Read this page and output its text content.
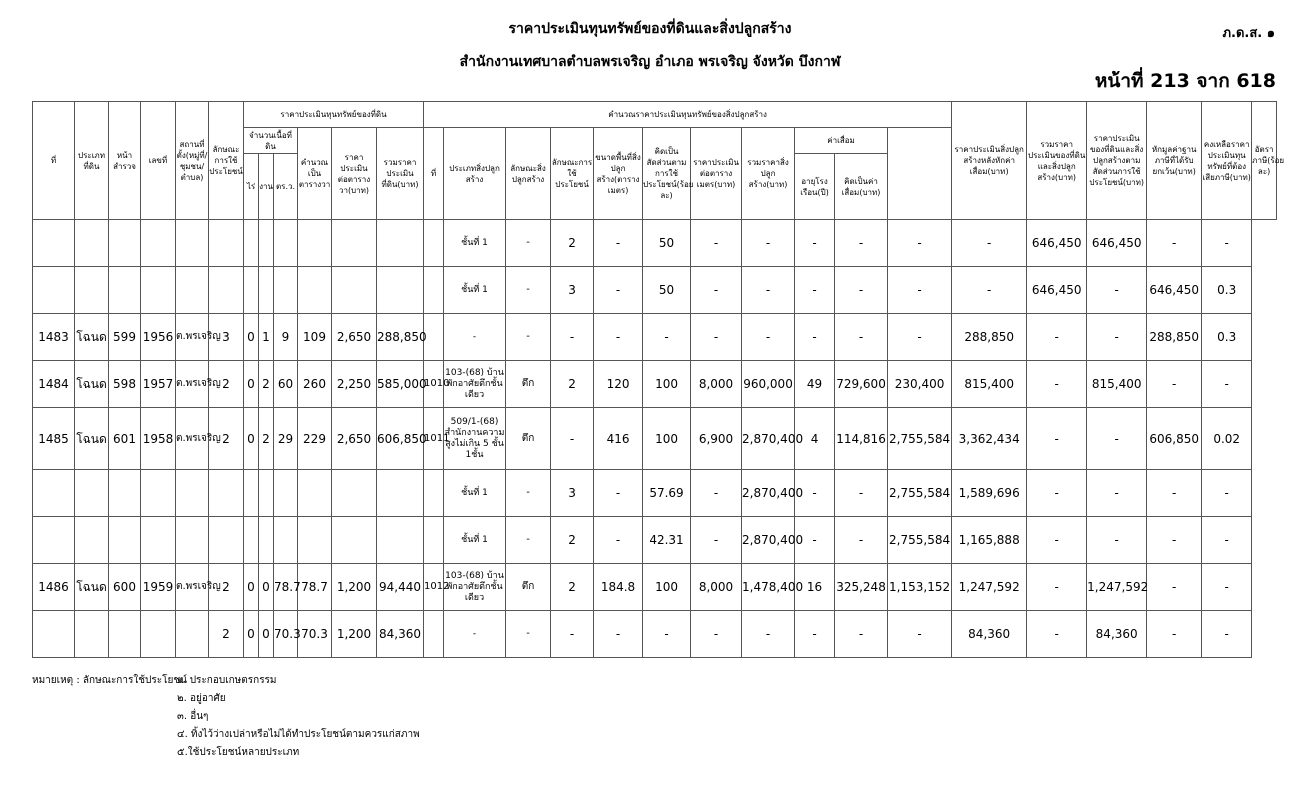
ราคาประเมินทุนทรัพย์ของที่ดินและสิ่งปลูกสร้าง
สำนักงานเทศบาลตำบลพรเจริญ อำเภอ พรเจริญ จังหวัด บึงกาฬ
ภ.ด.ส. ๑
หน้าที่ 213 จาก 618
ที่	ประเภทที่ดิน	หน้าสำรวจ	เลขที่	สถานที่ตั้ง(หมู่ที่/ชุมชน/ตำบล)	ลักษณะการใช้ประโยชน์	ราคาประเมินทุนทรัพย์ของที่ดิน						คำนวณราคาประเมินทุนทรัพย์ของสิ่งปลูกสร้าง											ราคาประเมินสิ่งปลูกสร้างหลังหักค่าเสื่อม(บาท)	รวมราคาประเมินของที่ดินและสิ่งปลูกสร้าง(บาท)	ราคาประเมินของที่ดินและสิ่งปลูกสร้างตามสัดส่วนการใช้ประโยชน์(บาท)	หักมูลค่าฐานภาษีที่ได้รับยกเว้น(บาท)	คงเหลือราคาประเมินทุนทรัพย์ที่ต้องเสียภาษี(บาท)	อัตราภาษี(ร้อยละ)
						จำนวนเนื้อที่ดิน			คำนวณเป็นตารางวา	ราคาประเมินต่อตารางวา(บาท)	รวมราคาประเมินที่ดิน(บาท)	ที่	ประเภทสิ่งปลูกสร้าง	ลักษณะสิ่งปลูกสร้าง	ลักษณะการใช้ประโยชน์	ขนาดพื้นที่สิ่งปลูกสร้าง(ตารางเมตร)	คิดเป็นสัดส่วนตามการใช้ประโยชน์(ร้อยละ)	ราคาประเมินต่อตารางเมตร(บาท)	รวมราคาสิ่งปลูกสร้าง(บาท)	ค่าเสื่อม								
						ไร่	งาน	ตร.ว.												อายุโรงเรือน(ปี)	คิดเป็นค่าเสื่อม(บาท)							
													ชั้นที่ 1	-	2	-	50	-	-	-	-	-	-	646,450	646,450	-	-	
													ชั้นที่ 1	-	3	-	50	-	-	-	-	-	-	646,450	-	646,450	0.3	
1483	โฉนด	599	1956	ต.พรเจริญ	3	0	1	9	109	2,650	288,850		-	-	-	-	-	-	-	-	-	-	288,850	-	-	288,850	0.3	
1484	โฉนด	598	1957	ต.พรเจริญ	2	0	2	60	260	2,250	585,000	1010	103-(68) บ้านพักอาศัยตึกชั้นเดียว	ตึก	2	120	100	8,000	960,000	49	729,600	230,400	815,400	-	815,400	-	-	
1485	โฉนด	601	1958	ต.พรเจริญ	2	0	2	29	229	2,650	606,850	1011	509/1-(68) สำนักงานความสูงไม่เกิน 5 ชั้น 1ชั้น	ตึก	-	416	100	6,900	2,870,400	4	114,816	2,755,584	3,362,434	-	-	606,850	0.02	
													ชั้นที่ 1	-	3	-	57.69	-	2,870,400	-	-	2,755,584	1,589,696	-	-	-	-	
													ชั้นที่ 1	-	2	-	42.31	-	2,870,400	-	-	2,755,584	1,165,888	-	-	-	-	
1486	โฉนด	600	1959	ต.พรเจริญ	2	0	0	78.7	78.7	1,200	94,440	1012	103-(68) บ้านพักอาศัยตึกชั้นเดียว	ตึก	2	184.8	100	8,000	1,478,400	16	325,248	1,153,152	1,247,592	-	1,247,592	-	-	
					2	0	0	70.3	70.3	1,200	84,360		-	-	-	-	-	-	-	-	-	-	84,360	-	84,360	-	-	
หมายเหตุ : ลักษณะการใช้ประโยชน์
๑. ประกอบเกษตรกรรม
๒. อยู่อาศัย
๓. อื่นๆ
๔. ทิ้งไว้ว่างเปล่าหรือไม่ได้ทำประโยชน์ตามควรแก่สภาพ
๕.ใช้ประโยชน์หลายประเภท
